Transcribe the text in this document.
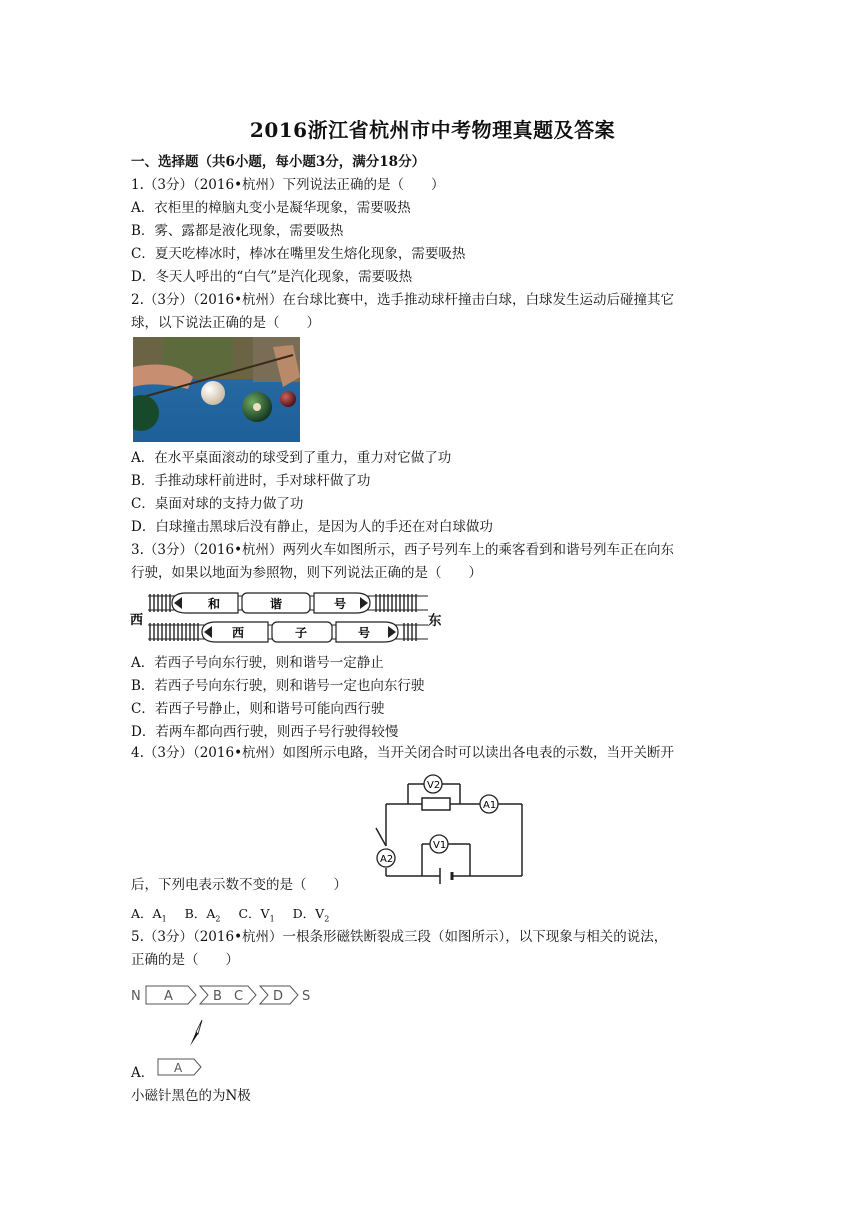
2016浙江省杭州市中考物理真题及答案
一、选择题（共6小题，每小题3分，满分18分）
1.（3分）（2016•杭州）下列说法正确的是（　　）
A．衣柜里的樟脑丸变小是凝华现象，需要吸热
B．雾、露都是液化现象，需要吸热
C．夏天吃棒冰时，棒冰在嘴里发生熔化现象，需要吸热
D．冬天人呼出的“白气”是汽化现象，需要吸热
2.（3分）（2016•杭州）在台球比赛中，选手推动球杆撞击白球，白球发生运动后碰撞其它
球，以下说法正确的是（　　）
A．在水平桌面滚动的球受到了重力，重力对它做了功
B．手推动球杆前进时，手对球杆做了功
C．桌面对球的支持力做了功
D．白球撞击黑球后没有静止，是因为人的手还在对白球做功
3.（3分）（2016•杭州）两列火车如图所示，西子号列车上的乘客看到和谐号列车正在向东
行驶，如果以地面为参照物，则下列说法正确的是（　　）
西
和	谐	号
西	子	号
东
A．若西子号向东行驶，则和谐号一定静止
B．若西子号向东行驶，则和谐号一定也向东行驶
C．若西子号静止，则和谐号可能向西行驶
D．若两车都向西行驶，则西子号行驶得较慢
4.（3分）（2016•杭州）如图所示电路，当开关闭合时可以读出各电表的示数，当开关断开
V2
A1
V1
A2
后，下列电表示数不变的是（　　）
A．$A_1$ B．$A_2$ C．$V_1$ D．$V_2$
5.（3分）（2016•杭州）一根条形磁铁断裂成三段（如图所示），以下现象与相关的说法，
正确的是（　　）
N A	B C D S
A． A
小磁针黑色的为N极
